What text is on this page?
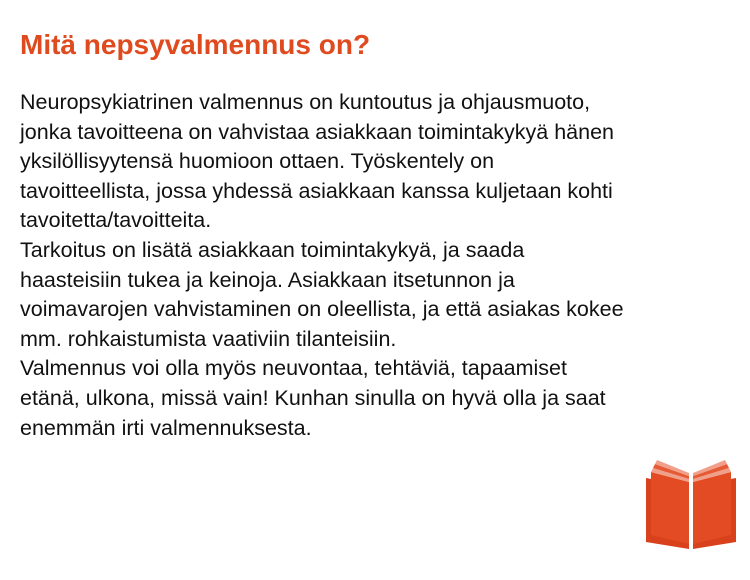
Mitä nepsyvalmennus on?

Neuropsykiatrinen valmennus on kuntoutus ja ohjausmuoto,
jonka tavoitteena on vahvistaa asiakkaan toimintakykyä hänen
yksilöllisyytensä huomioon ottaen. Työskentely on
tavoitteellista, jossa yhdessä asiakkaan kanssa kuljetaan kohti
tavoitetta/tavoitteita.

Tarkoitus on lisätä asiakkaan toimintakykyä, ja saada
haasteisiin tukea ja keinoja. Asiakkaan itsetunnon ja
voimavarojen vahvistaminen on oleellista, ja että asiakas kokee
mm. rohkaistumista vaativiin tilanteisiin.

Valmennus voi olla myös neuvontaa, tehtäviä, tapaamiset
etänä, ulkona, missä vain! Kunhan sinulla on hyvä olla ja saat
enemmän irti valmennuksesta.
